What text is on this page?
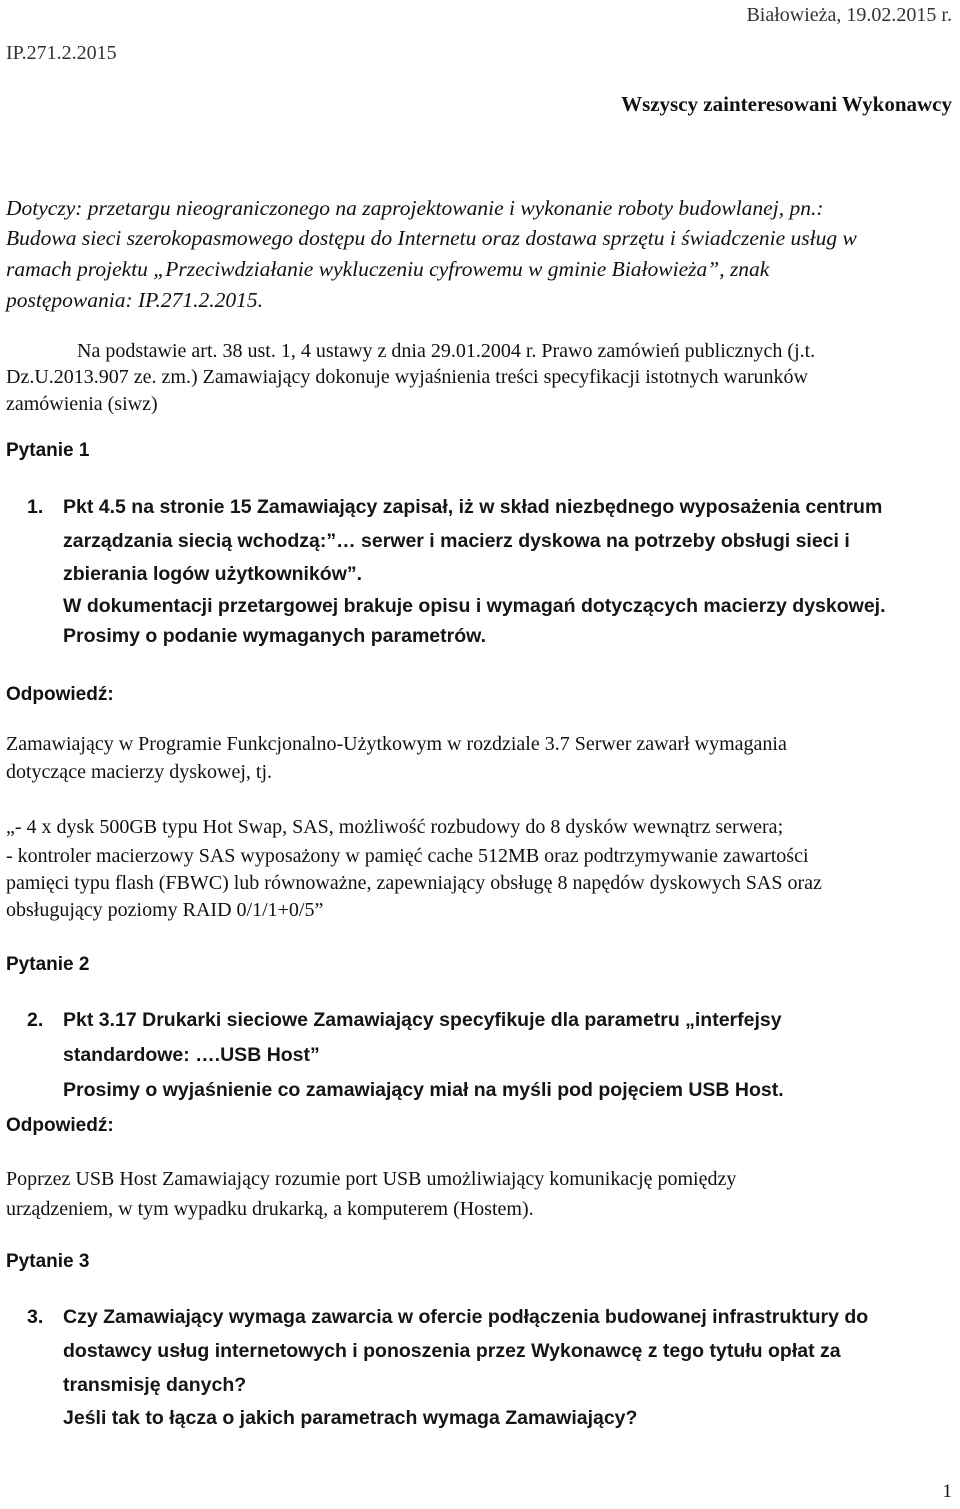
Białowieża, 19.02.2015 r.
IP.271.2.2015
Wszyscy zainteresowani Wykonawcy
Dotyczy: przetargu nieograniczonego na zaprojektowanie i wykonanie roboty budowlanej, pn.:
Budowa sieci szerokopasmowego dostępu do Internetu oraz dostawa sprzętu i świadczenie usług w
ramach projektu „Przeciwdziałanie wykluczeniu cyfrowemu w gminie Białowieża”, znak
postępowania: IP.271.2.2015.
Na podstawie art. 38 ust. 1, 4 ustawy z dnia 29.01.2004 r. Prawo zamówień publicznych (j.t.
Dz.U.2013.907 ze. zm.) Zamawiający dokonuje wyjaśnienia treści specyfikacji istotnych warunków
zamówienia (siwz)
Pytanie 1
1. Pkt 4.5 na stronie 15 Zamawiający zapisał, iż w skład niezbędnego wyposażenia centrum
zarządzania siecią wchodzą:”… serwer i macierz dyskowa na potrzeby obsługi sieci i
zbierania logów użytkowników”.
W dokumentacji przetargowej brakuje opisu i wymagań dotyczących macierzy dyskowej.
Prosimy o podanie wymaganych parametrów.
Odpowiedź:
Zamawiający w Programie Funkcjonalno-Użytkowym w rozdziale 3.7 Serwer zawarł wymagania
dotyczące macierzy dyskowej, tj.
„- 4 x dysk 500GB typu Hot Swap, SAS, możliwość rozbudowy do 8 dysków wewnątrz serwera;
- kontroler macierzowy SAS wyposażony w pamięć cache 512MB oraz podtrzymywanie zawartości
pamięci typu flash (FBWC) lub równoważne, zapewniający obsługę 8 napędów dyskowych SAS oraz
obsługujący poziomy RAID 0/1/1+0/5”
Pytanie 2
2. Pkt 3.17 Drukarki sieciowe Zamawiający specyfikuje dla parametru „interfejsy
standardowe: ….USB Host”
Prosimy o wyjaśnienie co zamawiający miał na myśli pod pojęciem USB Host.
Odpowiedź:
Poprzez USB Host Zamawiający rozumie port USB umożliwiający komunikację pomiędzy
urządzeniem, w tym wypadku drukarką, a komputerem (Hostem).
Pytanie 3
3. Czy Zamawiający wymaga zawarcia w ofercie podłączenia budowanej infrastruktury do
dostawcy usług internetowych i ponoszenia przez Wykonawcę z tego tytułu opłat za
transmisję danych?
Jeśli tak to łącza o jakich parametrach wymaga Zamawiający?
1
